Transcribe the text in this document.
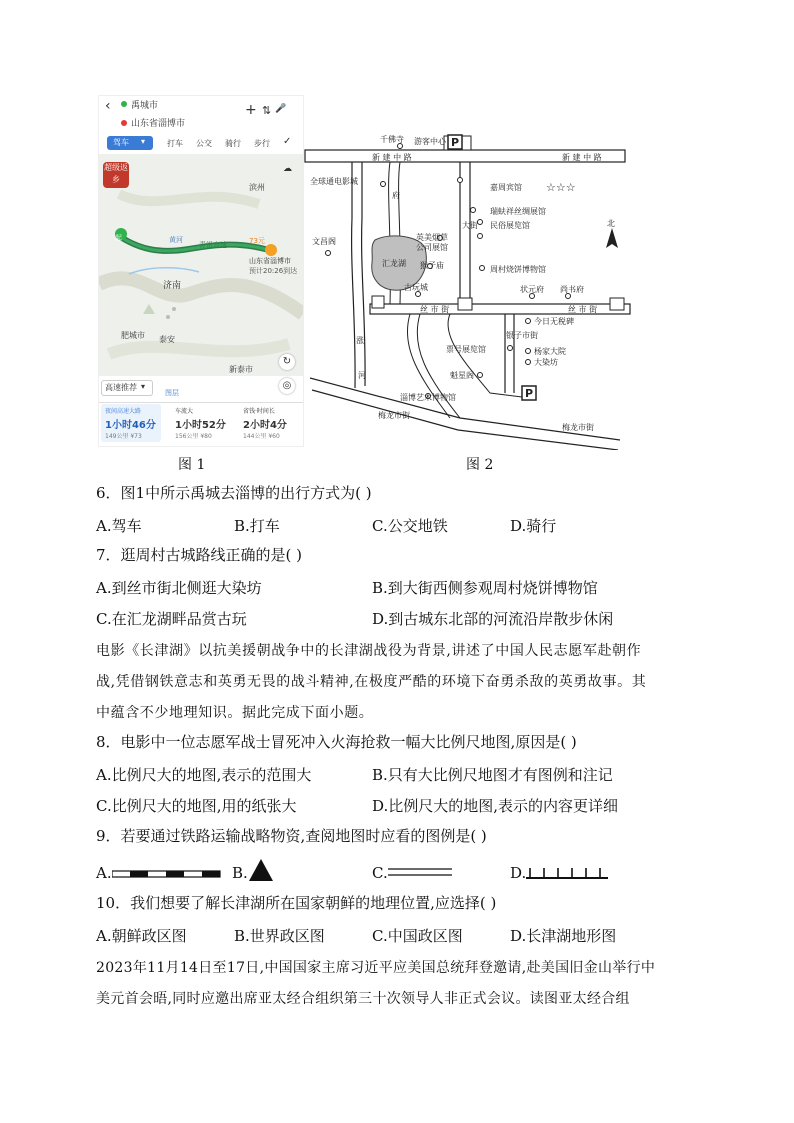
‹ 禹城市
山东省淄博市
+ ⇅ 🎤
驾车 ▾	打车 公交 骑行 步行 ✓
超级返乡
☁
滨州
黄河
起
青银高速	73元
山东省淄博市
预计20:26到达
济南
肥城市 泰安
新泰市
↻
◎
高速推荐 ▾
图层
夜间高速大路
1小时46分
149公里 ¥73
车流大
1小时52分
156公里 ¥80
省钱·时间长
2小时4分
144公里 ¥60
图 1
P
P
北
千佛寺 游客中心
新 建 中 路	新 建 中 路
全球通电影城
嘉周宾馆 ☆☆☆
瑞蚨祥丝绸展馆
民俗展览馆
文昌阁	英美烟草
公司展馆
汇龙湖 猴子庙	周村烧饼博物馆
古玩城	状元府 尚书府
丝 市 街	丝 市 街
今日无税碑
票号展览馆	杨家大院
大染坊
魁星阁
淄博艺术博物馆
梅龙市街
梅龙市街
大街
银子市街
涨
河
府
图 2
6．图1中所示禹城去淄博的出行方式为( )
A.驾车	B.打车	C.公交地铁	D.骑行
7．逛周村古城路线正确的是( )
A.到丝市街北侧逛大染坊	B.到大街西侧参观周村烧饼博物馆
C.在汇龙湖畔品赏古玩	D.到古城东北部的河流沿岸散步休闲
电影《长津湖》以抗美援朝战争中的长津湖战役为背景,讲述了中国人民志愿军赴朝作
战,凭借钢铁意志和英勇无畏的战斗精神,在极度严酷的环境下奋勇杀敌的英勇故事。其
中蕴含不少地理知识。据此完成下面小题。
8．电影中一位志愿军战士冒死冲入火海抢救一幅大比例尺地图,原因是( )
A.比例尺大的地图,表示的范围大	B.只有大比例尺地图才有图例和注记
C.比例尺大的地图,用的纸张大	D.比例尺大的地图,表示的内容更详细
9．若要通过铁路运输战略物资,查阅地图时应看的图例是( )
A.	B.	C.	D.
10．我们想要了解长津湖所在国家朝鲜的地理位置,应选择( )
A.朝鲜政区图	B.世界政区图	C.中国政区图	D.长津湖地形图
2023年11月14日至17日,中国国家主席习近平应美国总统拜登邀请,赴美国旧金山举行中
美元首会晤,同时应邀出席亚太经合组织第三十次领导人非正式会议。读图亚太经合组
